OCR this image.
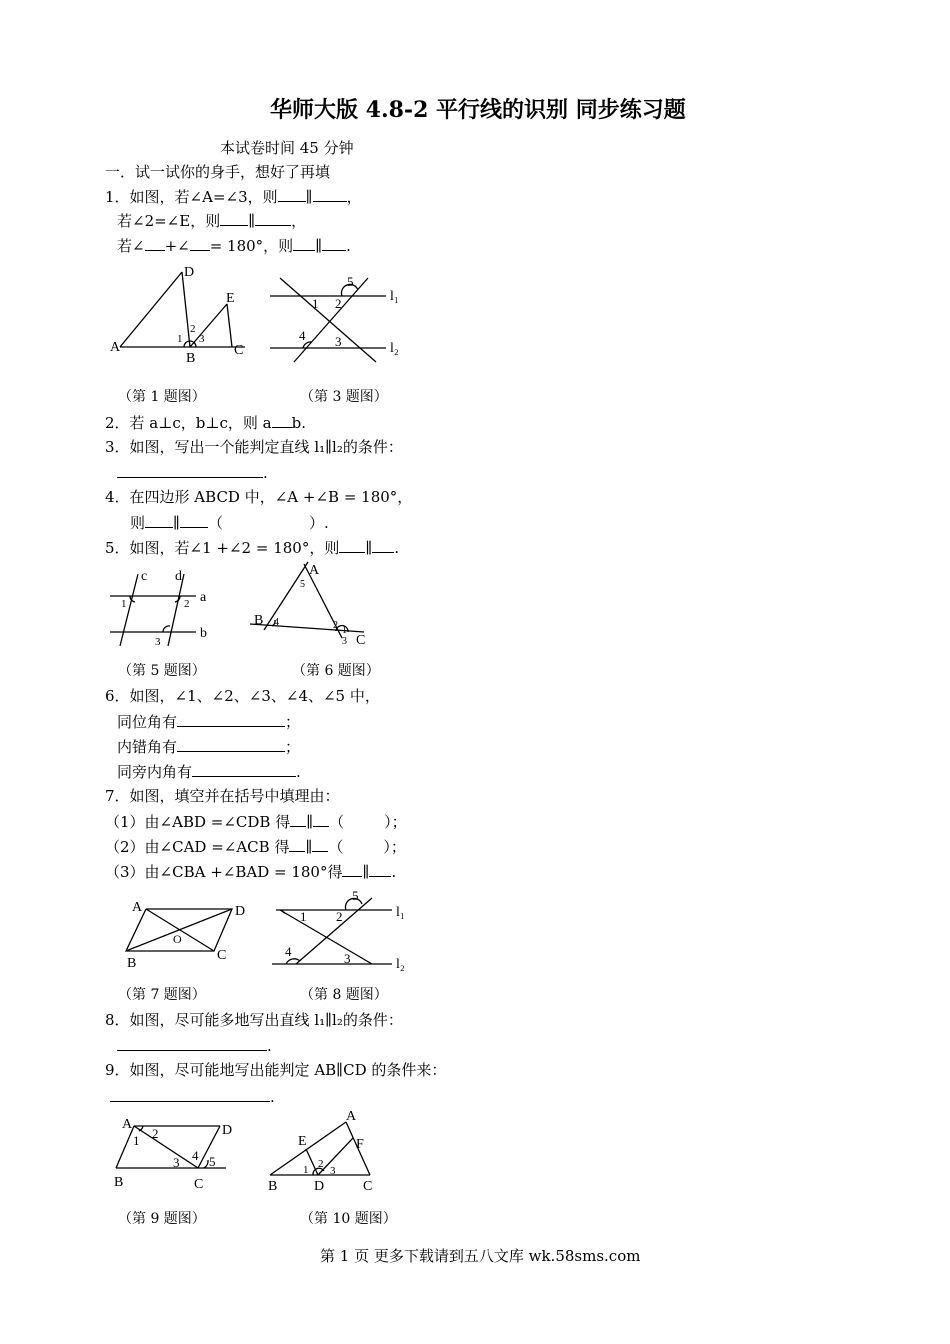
华师大版 4.8-2 平行线的识别 同步练习题
本试卷时间 45 分钟
一．试一试你的身手，想好了再填
1．如图，若∠A=∠3，则 ∥ ，
若∠2=∠E，则 ∥ ，
若∠ +∠ = 180°，则 ∥ .
A
D
E
B
C
1
2
3
1 2
5
4 3
l₁
l₂
（第 1 题图）	（第 3 题图）
2．若 a⊥c，b⊥c，则 a b.
3．如图，写出一个能判定直线 l₁∥l₂的条件：
.
4．在四边形 ABCD 中，∠A +∠B = 180°，
则 ∥ （	）.
5．如图，若∠1 +∠2 = 180°，则 ∥ .
c d
a
b
1	2
3
A
B
C
5
4	2
3
1
（第 5 题图）	（第 6 题图）
6．如图，∠1、∠2、∠3、∠4、∠5 中，
同位角有	；
内错角有	；
同旁内角有	.
7．如图，填空并在括号中填理由：
（1）由∠ABD =∠CDB 得 ∥ （	）；
（2）由∠CAD =∠ACB 得 ∥ （	）；
（3）由∠CBA +∠BAD = 180°得 ∥ .
A	D
B
C
O
1 2
5
4	3
l₁
l₂
（第 7 题图）	（第 8 题图）
8．如图，尽可能多地写出直线 l₁∥l₂的条件：
.
9．如图，尽可能地写出能判定 AB∥CD 的条件来：
.
A	D
B	C
2
1
3 4 5
A
E	F
B	D	C
1 2
3
（第 9 题图）	（第 10 题图）
第 1 页 更多下载请到五八文库 wk.58sms.com
